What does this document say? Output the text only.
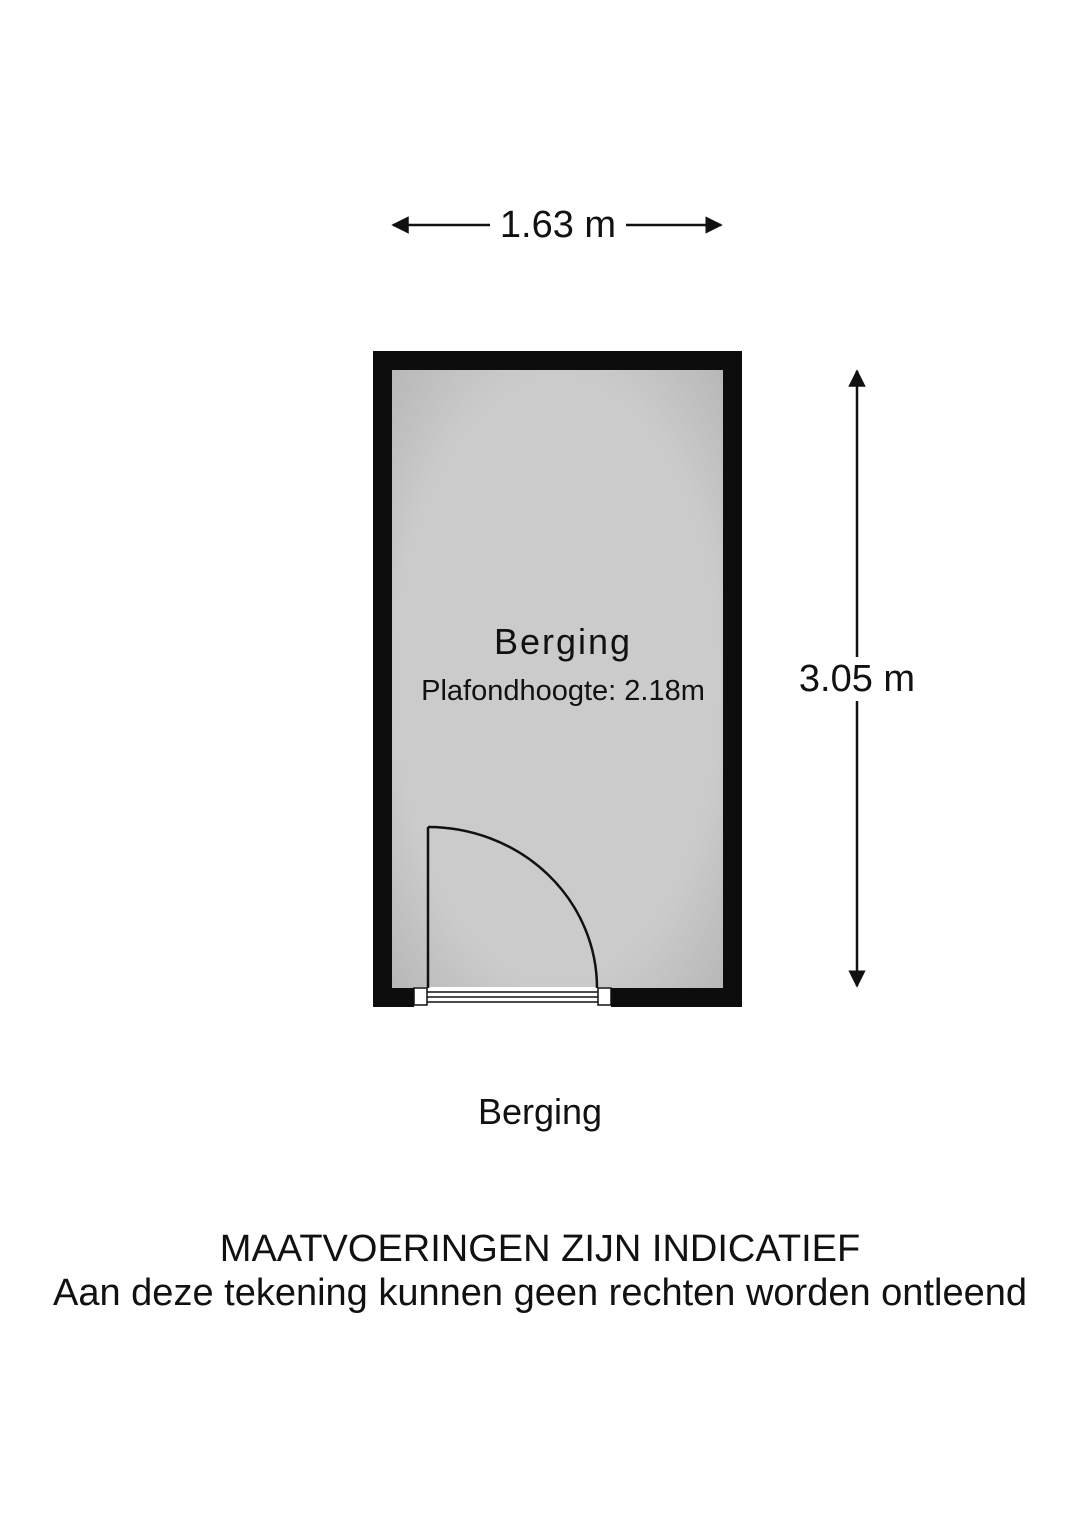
1.63 m
3.05 m
Berging
Plafondhoogte: 2.18m
Berging
MAATVOERINGEN ZIJN INDICATIEF
Aan deze tekening kunnen geen rechten worden ontleend
